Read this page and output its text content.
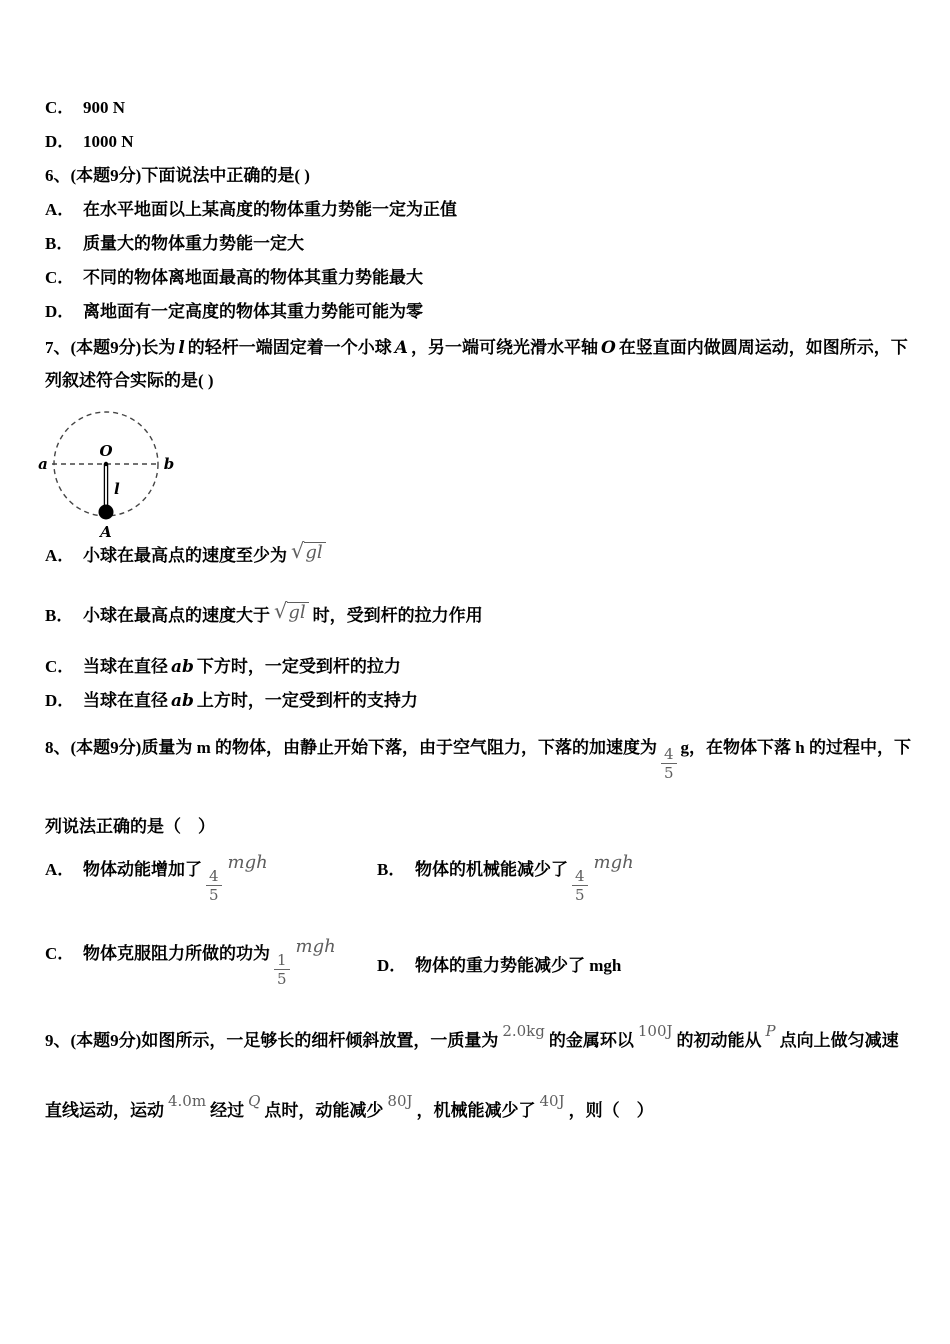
C． 900 N
D． 1000 N
6、(本题9分)下面说法中正确的是( )
A． 在水平地面以上某高度的物体重力势能一定为正值
B． 质量大的物体重力势能一定大
C． 不同的物体离地面最高的物体其重力势能最大
D． 离地面有一定高度的物体其重力势能可能为零
7、(本题9分)长为 l 的轻杆一端固定着一个小球 A ，另一端可绕光滑水平轴 O 在竖直面内做圆周运动，如图所示，下
列叙述符合实际的是( )
a	b
O
l
A
A． 小球在最高点的速度至少为 √ gl
B． 小球在最高点的速度大于 √ gl 时，受到杆的拉力作用
C． 当球在直径 ab 下方时，一定受到杆的拉力
D． 当球在直径 ab 上方时，一定受到杆的支持力
8、(本题9分)质量为 m 的物体，由静止开始下落，由于空气阻力，下落的加速度为 $\frac{4}{5}$ g，在物体下落 h 的过程中，下
列说法正确的是（　）
A． 物体动能增加了 $\frac{4}{5}$
mgh	B． 物体的机械能减少了 $\frac{4}{5}$
mgh
C． 物体克服阻力所做的功为 $\frac{1}{5}$
mgh
D． 物体的重力势能减少了 mgh
9、(本题9分)如图所示，一足够长的细杆倾斜放置，一质量为 2.0kg 的金属环以 100J 的初动能从 P 点向上做匀减速
直线运动，运动 4.0m 经过 Q 点时，动能减少 80J ，机械能减少了 40J ，则（　）
